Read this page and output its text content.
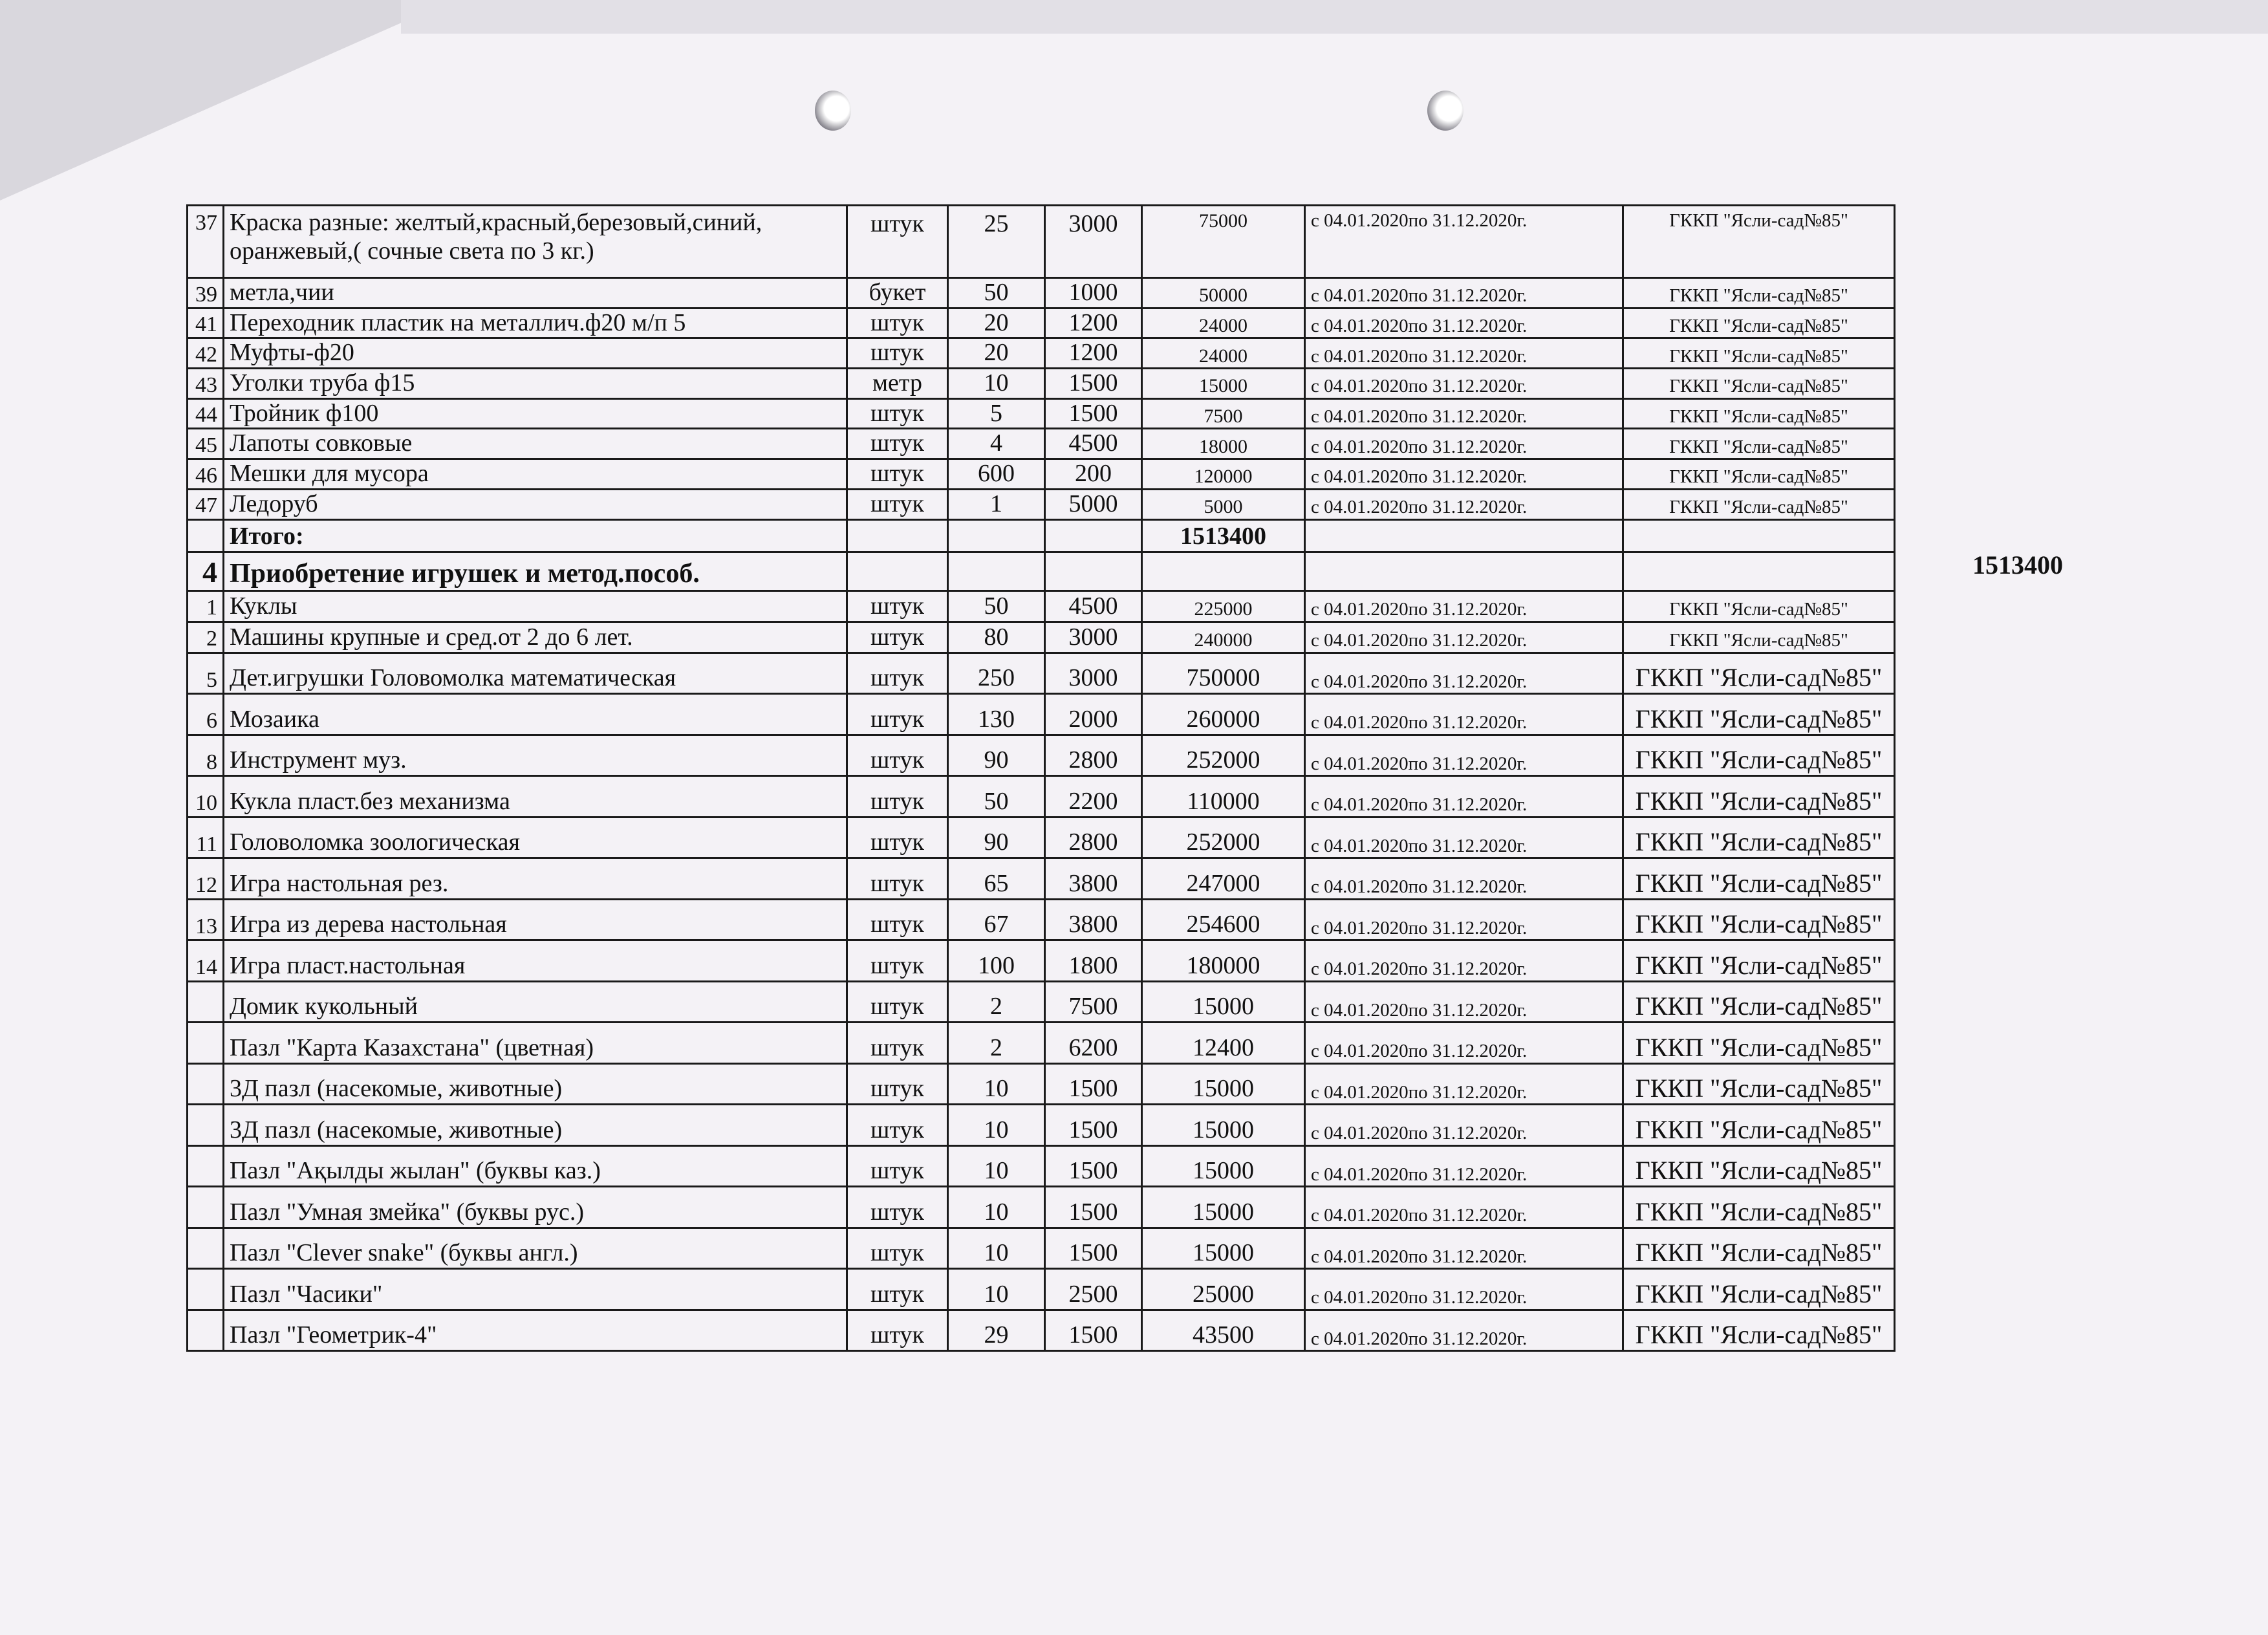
37	Краска разные: желтый,красный,березовый,синий, оранжевый,( сочные света по 3 кг.)	штук	25	3000	75000	с 04.01.2020по 31.12.2020г.	ГККП "Ясли-сад№85"
39	метла,чии	букет	50	1000	50000	с 04.01.2020по 31.12.2020г.	ГККП "Ясли-сад№85"
41	Переходник пластик на металлич.ф20 м/п 5	штук	20	1200	24000	с 04.01.2020по 31.12.2020г.	ГККП "Ясли-сад№85"
42	Муфты-ф20	штук	20	1200	24000	с 04.01.2020по 31.12.2020г.	ГККП "Ясли-сад№85"
43	Уголки труба ф15	метр	10	1500	15000	с 04.01.2020по 31.12.2020г.	ГККП "Ясли-сад№85"
44	Тройник ф100	штук	5	1500	7500	с 04.01.2020по 31.12.2020г.	ГККП "Ясли-сад№85"
45	Лапоты совковые	штук	4	4500	18000	с 04.01.2020по 31.12.2020г.	ГККП "Ясли-сад№85"
46	Мешки для мусора	штук	600	200	120000	с 04.01.2020по 31.12.2020г.	ГККП "Ясли-сад№85"
47	Ледоруб	штук	1	5000	5000	с 04.01.2020по 31.12.2020г.	ГККП "Ясли-сад№85"
	Итого:				1513400		
4	Приобретение игрушек и метод.пособ.						
1	Куклы	штук	50	4500	225000	с 04.01.2020по 31.12.2020г.	ГККП "Ясли-сад№85"
2	Машины крупные и сред.от 2 до 6 лет.	штук	80	3000	240000	с 04.01.2020по 31.12.2020г.	ГККП "Ясли-сад№85"
5	Дет.игрушки Головомолка математическая	штук	250	3000	750000	с 04.01.2020по 31.12.2020г.	ГККП "Ясли-сад№85"
6	Мозаика	штук	130	2000	260000	с 04.01.2020по 31.12.2020г.	ГККП "Ясли-сад№85"
8	Инструмент муз.	штук	90	2800	252000	с 04.01.2020по 31.12.2020г.	ГККП "Ясли-сад№85"
10	Кукла пласт.без механизма	штук	50	2200	110000	с 04.01.2020по 31.12.2020г.	ГККП "Ясли-сад№85"
11	Головоломка зоологическая	штук	90	2800	252000	с 04.01.2020по 31.12.2020г.	ГККП "Ясли-сад№85"
12	Игра настольная рез.	штук	65	3800	247000	с 04.01.2020по 31.12.2020г.	ГККП "Ясли-сад№85"
13	Игра из дерева настольная	штук	67	3800	254600	с 04.01.2020по 31.12.2020г.	ГККП "Ясли-сад№85"
14	Игра пласт.настольная	штук	100	1800	180000	с 04.01.2020по 31.12.2020г.	ГККП "Ясли-сад№85"
	Домик кукольный	штук	2	7500	15000	с 04.01.2020по 31.12.2020г.	ГККП "Ясли-сад№85"
	Пазл "Карта Казахстана" (цветная)	штук	2	6200	12400	с 04.01.2020по 31.12.2020г.	ГККП "Ясли-сад№85"
	3Д пазл (насекомые, животные)	штук	10	1500	15000	с 04.01.2020по 31.12.2020г.	ГККП "Ясли-сад№85"
	3Д пазл (насекомые, животные)	штук	10	1500	15000	с 04.01.2020по 31.12.2020г.	ГККП "Ясли-сад№85"
	Пазл "Ақылды жылан" (буквы каз.)	штук	10	1500	15000	с 04.01.2020по 31.12.2020г.	ГККП "Ясли-сад№85"
	Пазл "Умная змейка" (буквы рус.)	штук	10	1500	15000	с 04.01.2020по 31.12.2020г.	ГККП "Ясли-сад№85"
	Пазл "Clever snake" (буквы англ.)	штук	10	1500	15000	с 04.01.2020по 31.12.2020г.	ГККП "Ясли-сад№85"
	Пазл "Часики"	штук	10	2500	25000	с 04.01.2020по 31.12.2020г.	ГККП "Ясли-сад№85"
	Пазл "Геометрик-4"	штук	29	1500	43500	с 04.01.2020по 31.12.2020г.	ГККП "Ясли-сад№85"
1513400
